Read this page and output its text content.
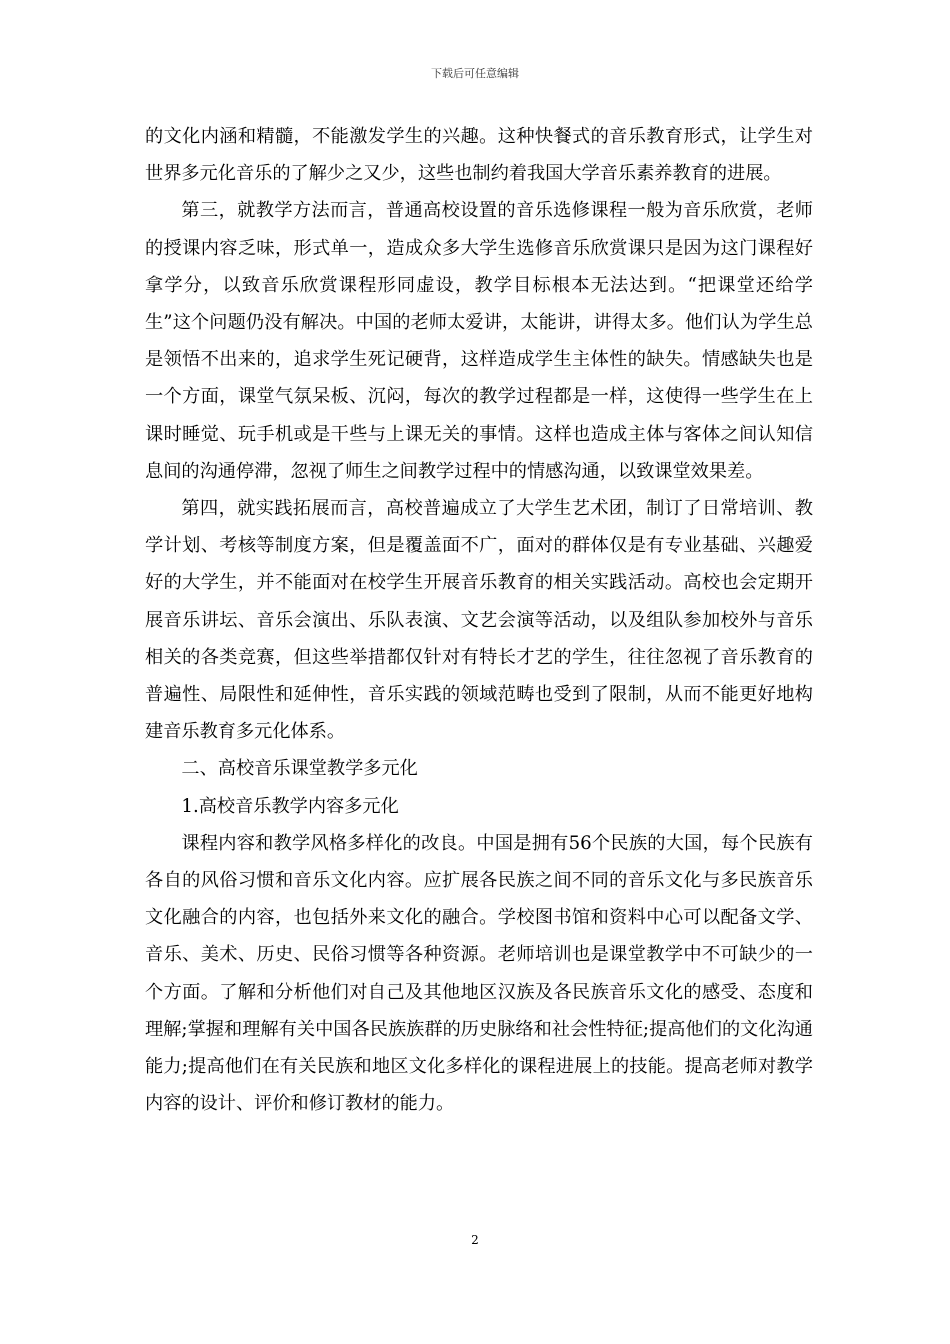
下载后可任意编辑

的文化内涵和精髓，不能激发学生的兴趣。这种快餐式的音乐教育形式，让学生对世界多元化音乐的了解少之又少，这些也制约着我国大学音乐素养教育的进展。

第三，就教学方法而言，普通高校设置的音乐选修课程一般为音乐欣赏，老师的授课内容乏味，形式单一，造成众多大学生选修音乐欣赏课只是因为这门课程好拿学分，以致音乐欣赏课程形同虚设，教学目标根本无法达到。“把课堂还给学生”这个问题仍没有解决。中国的老师太爱讲，太能讲，讲得太多。他们认为学生总是领悟不出来的，追求学生死记硬背，这样造成学生主体性的缺失。情感缺失也是一个方面，课堂气氛呆板、沉闷，每次的教学过程都是一样，这使得一些学生在上课时睡觉、玩手机或是干些与上课无关的事情。这样也造成主体与客体之间认知信息间的沟通停滞，忽视了师生之间教学过程中的情感沟通，以致课堂效果差。

第四，就实践拓展而言，高校普遍成立了大学生艺术团，制订了日常培训、教学计划、考核等制度方案，但是覆盖面不广，面对的群体仅是有专业基础、兴趣爱好的大学生，并不能面对在校学生开展音乐教育的相关实践活动。高校也会定期开展音乐讲坛、音乐会演出、乐队表演、文艺会演等活动，以及组队参加校外与音乐相关的各类竞赛，但这些举措都仅针对有特长才艺的学生，往往忽视了音乐教育的普遍性、局限性和延伸性，音乐实践的领域范畴也受到了限制，从而不能更好地构建音乐教育多元化体系。

二、高校音乐课堂教学多元化

1.高校音乐教学内容多元化

课程内容和教学风格多样化的改良。中国是拥有56个民族的大国，每个民族有各自的风俗习惯和音乐文化内容。应扩展各民族之间不同的音乐文化与多民族音乐文化融合的内容，也包括外来文化的融合。学校图书馆和资料中心可以配备文学、音乐、美术、历史、民俗习惯等各种资源。老师培训也是课堂教学中不可缺少的一个方面。了解和分析他们对自己及其他地区汉族及各民族音乐文化的感受、态度和理解;掌握和理解有关中国各民族族群的历史脉络和社会性特征;提高他们的文化沟通能力;提高他们在有关民族和地区文化多样化的课程进展上的技能。提高老师对教学内容的设计、评价和修订教材的能力。

2
